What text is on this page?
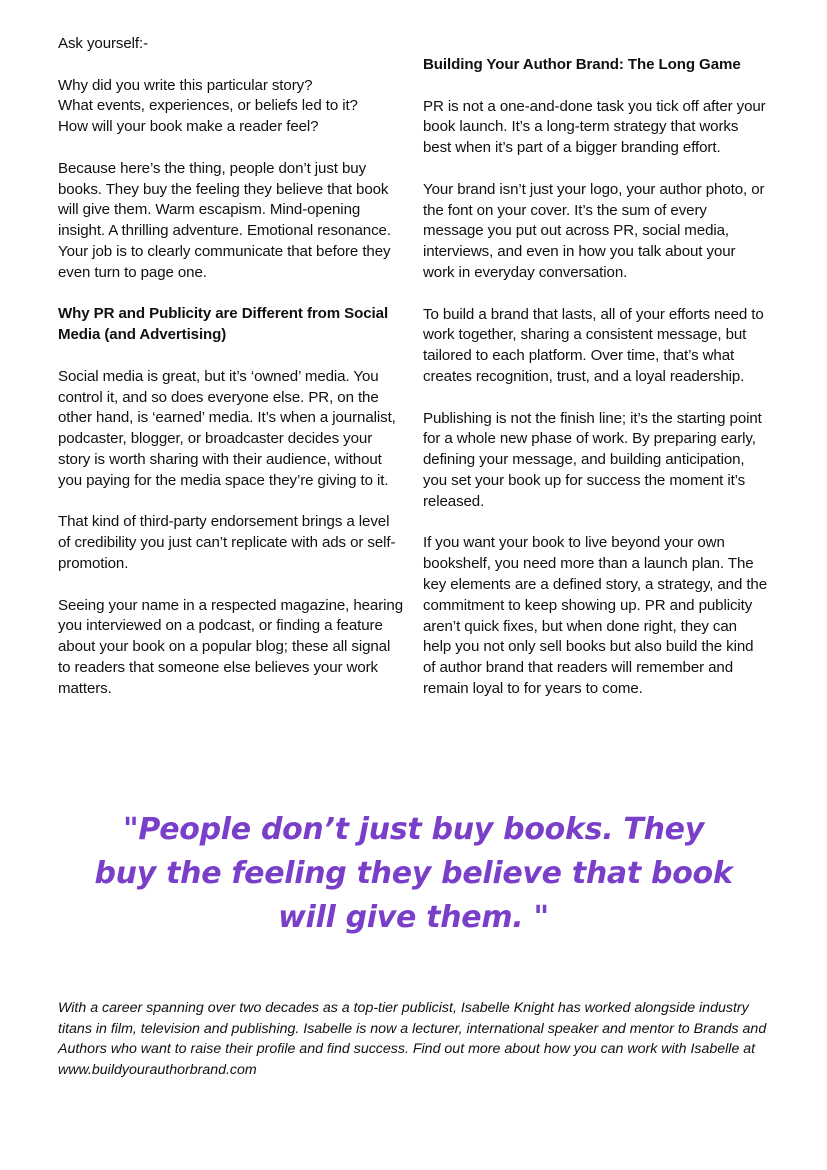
Ask yourself:-

Why did you write this particular story?
What events, experiences, or beliefs led to it?
How will your book make a reader feel?

Because here’s the thing, people don’t just buy books. They buy the feeling they believe that book will give them. Warm escapism. Mind-opening insight. A thrilling adventure. Emotional resonance. Your job is to clearly communicate that before they even turn to page one.

Why PR and Publicity are Different from Social Media (and Advertising)

Social media is great, but it’s ‘owned’ media. You control it, and so does everyone else. PR, on the other hand, is ‘earned’ media. It’s when a journalist, podcaster, blogger, or broadcaster decides your story is worth sharing with their audience, without you paying for the media space they’re giving to it.

That kind of third-party endorsement brings a level of credibility you just can’t replicate with ads or self-promotion.

Seeing your name in a respected magazine, hearing you interviewed on a podcast, or finding a feature about your book on a popular blog; these all signal to readers that someone else believes your work matters.

Building Your Author Brand: The Long Game

PR is not a one-and-done task you tick off after your book launch. It’s a long-term strategy that works best when it’s part of a bigger branding effort.

Your brand isn’t just your logo, your author photo, or the font on your cover. It’s the sum of every message you put out across PR, social media, interviews, and even in how you talk about your work in everyday conversation.

To build a brand that lasts, all of your efforts need to work together, sharing a consistent message, but tailored to each platform. Over time, that’s what creates recognition, trust, and a loyal readership.

Publishing is not the finish line; it’s the starting point for a whole new phase of work. By preparing early, defining your message, and building anticipation, you set your book up for success the moment it’s released.

If you want your book to live beyond your own bookshelf, you need more than a launch plan. The key elements are a defined story, a strategy, and the commitment to keep showing up. PR and publicity aren’t quick fixes, but when done right, they can help you not only sell books but also build the kind of author brand that readers will remember and remain loyal to for years to come.

"People don’t just buy books. They buy the feeling they believe that book will give them. "
With a career spanning over two decades as a top-tier publicist, Isabelle Knight has worked alongside industry titans in film, television and publishing. Isabelle is now a lecturer, international speaker and mentor to Brands and Authors who want to raise their profile and find success. Find out more about how you can work with Isabelle at www.buildyourauthorbrand.com
